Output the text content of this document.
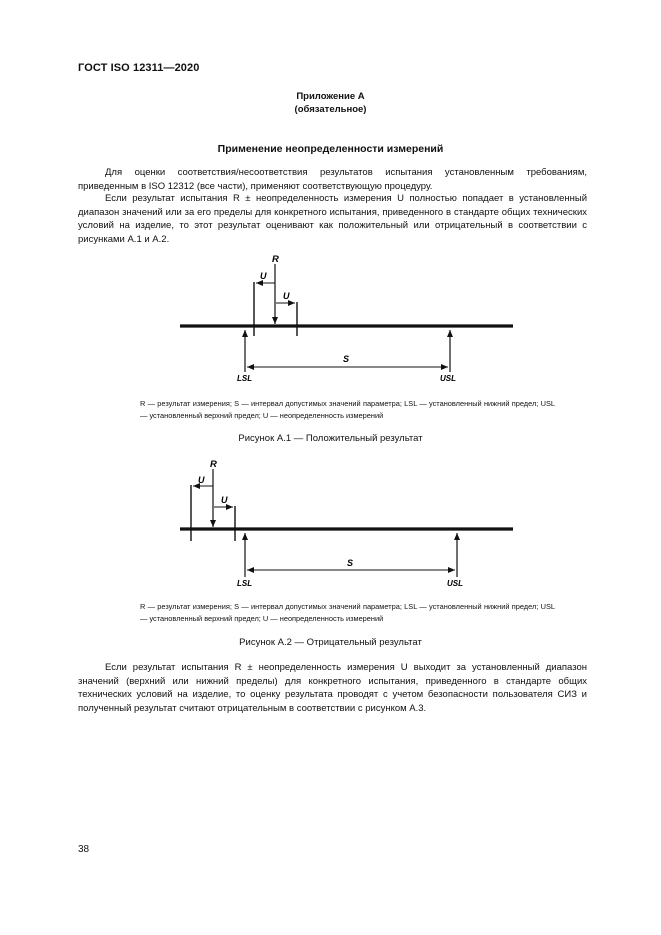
ГОСТ ISO 12311—2020
Приложение А
(обязательное)
Применение неопределенности измерений

Для оценки соответствия/несоответствия результатов испытания установленным требованиям, приведенным в ISO 12312 (все части), применяют соответствующую процедуру.

Если результат испытания R ± неопределенность измерения U полностью попадает в установленный диапазон значений или за его пределы для конкретного испытания, приведенного в стандарте общих технических условий на изделие, то этот результат оценивают как положительный или отрицательный в соответствии с рисунками А.1 и А.2.

R
U
U
S
LSL	USL

R — результат измерения; S — интервал допустимых значений параметра; LSL — установленный нижний предел; USL — установленный верхний предел; U — неопределенность измерений

Рисунок А.1 — Положительный результат
R
U
U
S
LSL	USL

R — результат измерения; S — интервал допустимых значений параметра; LSL — установленный нижний предел; USL — установленный верхний предел; U — неопределенность измерений

Рисунок А.2 — Отрицательный результат

Если результат испытания R ± неопределенность измерения U выходит за установленный диапазон значений (верхний или нижний пределы) для конкретного испытания, приведенного в стандарте общих технических условий на изделие, то оценку результата проводят с учетом безопасности пользователя СИЗ и полученный результат считают отрицательным в соответствии с рисунком А.3.

38
